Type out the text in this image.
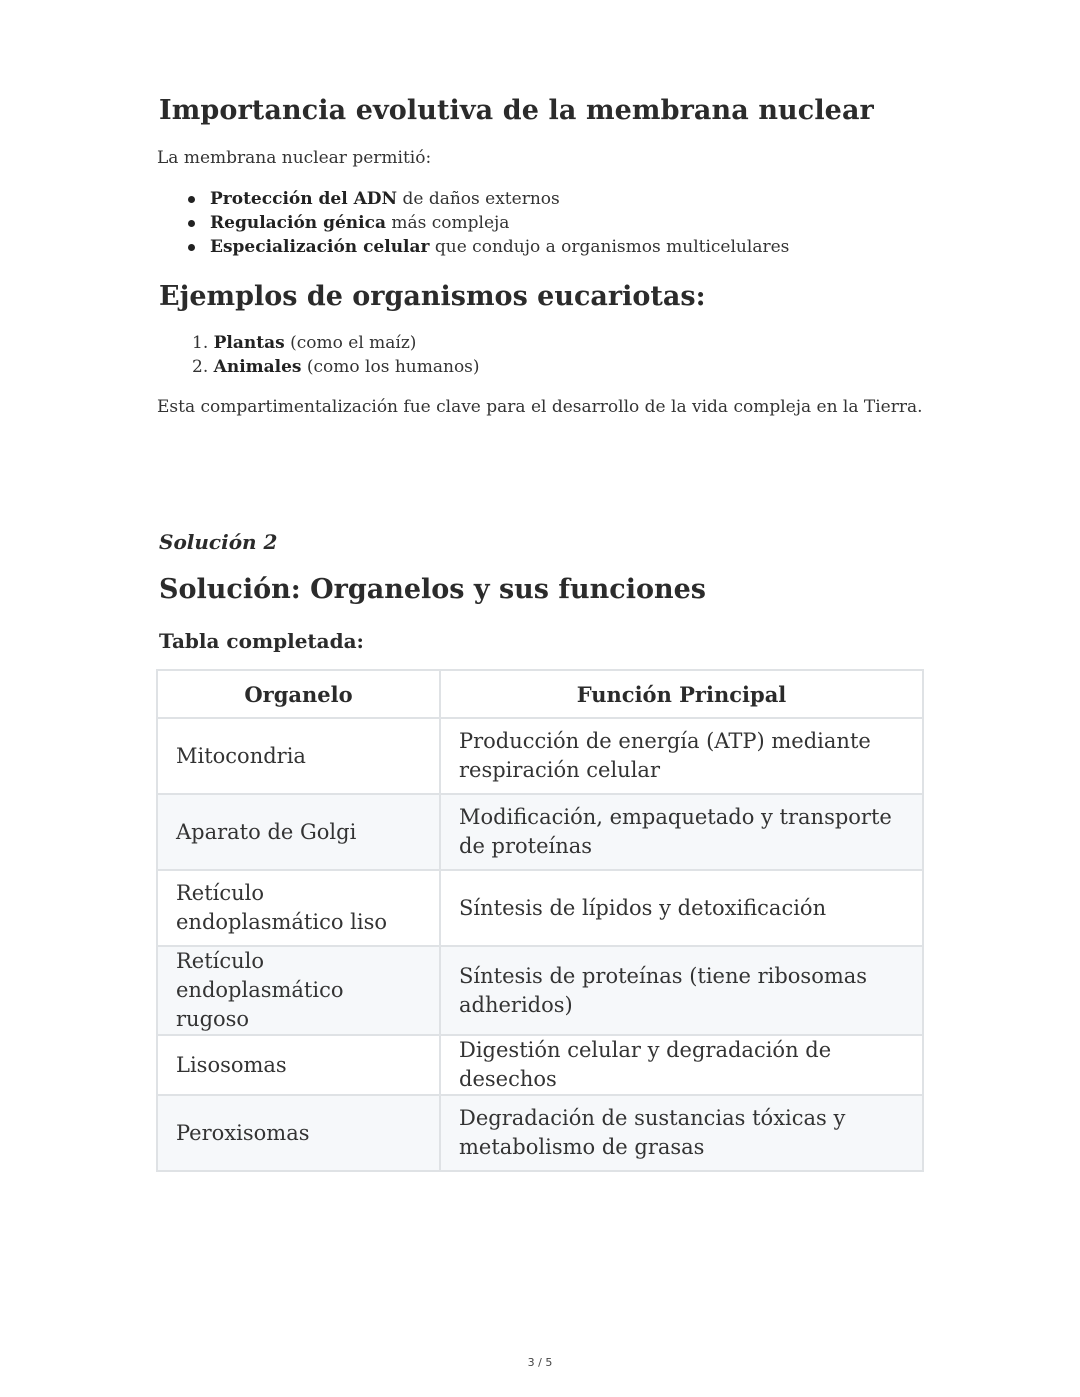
Importancia evolutiva de la membrana nuclear

La membrana nuclear permitió:

Protección del ADN de daños externos
Regulación génica más compleja
Especialización celular que condujo a organismos multicelulares
Ejemplos de organismos eucariotas:
1. Plantas (como el maíz)
2. Animales (como los humanos)

Esta compartimentalización fue clave para el desarrollo de la vida compleja en la Tierra.

Solución 2
Solución: Organelos y sus funciones
Tabla completada:
Organelo	Función Principal
Mitocondria	Producción de energía (ATP) mediante respiración celular
Aparato de Golgi	Modificación, empaquetado y transporte de proteínas
Retículo endoplasmático liso	Síntesis de lípidos y detoxificación
Retículo endoplasmático rugoso	Síntesis de proteínas (tiene ribosomas adheridos)
Lisosomas	Digestión celular y degradación de desechos
Peroxisomas	Degradación de sustancias tóxicas y metabolismo de grasas
3 / 5
